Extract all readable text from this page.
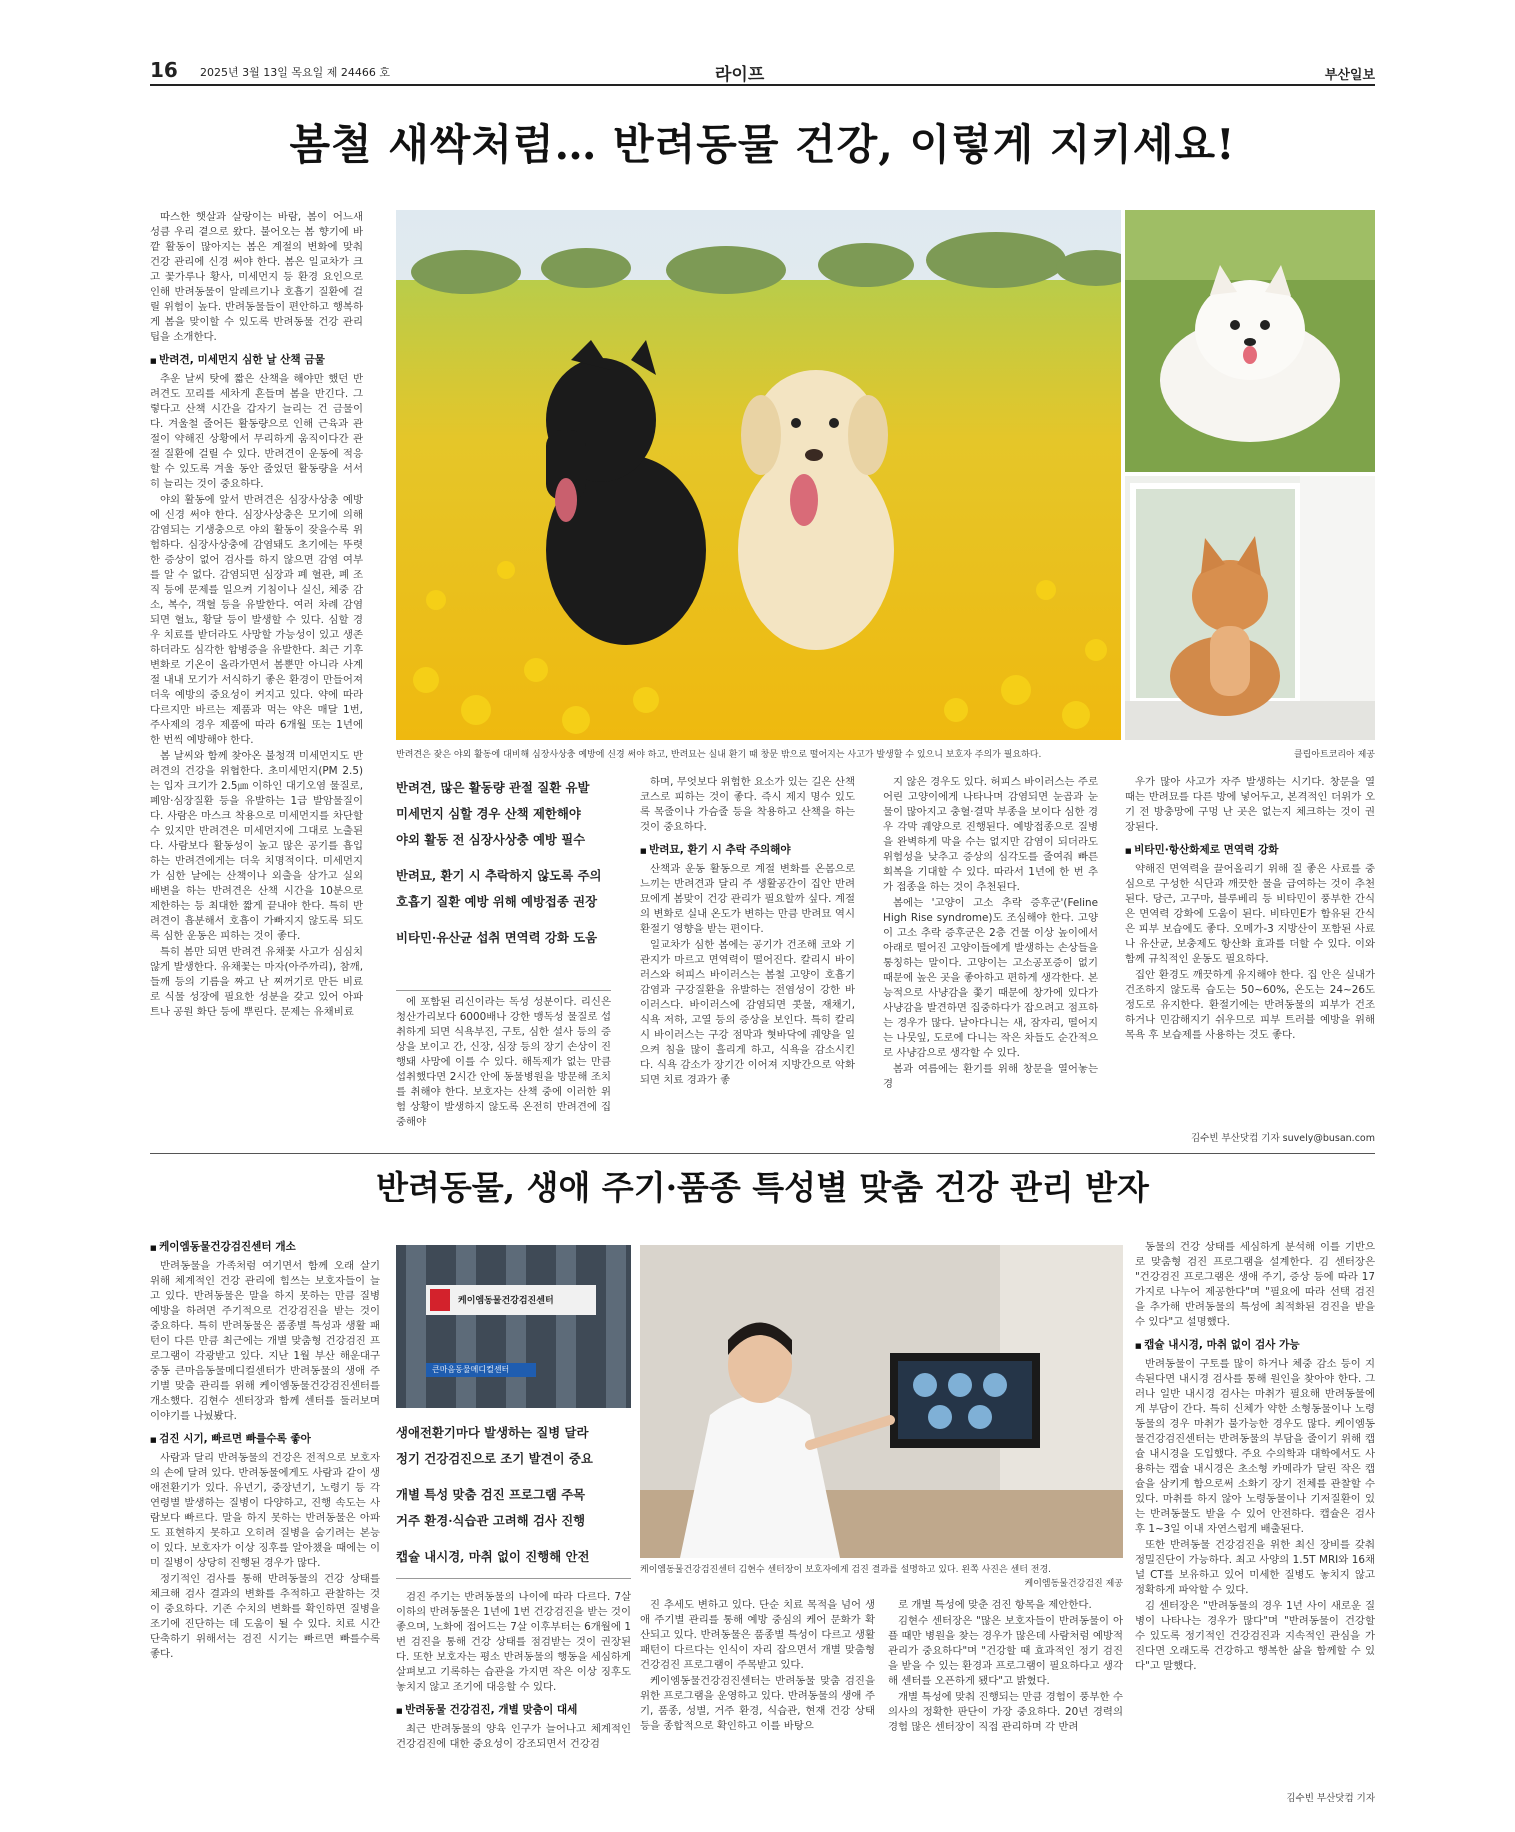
16 2025년 3월 13일 목요일 제 24466 호	라이프	부산일보
봄철 새싹처럼… 반려동물 건강, 이렇게 지키세요!

따스한 햇살과 살랑이는 바람, 봄이 어느새 성큼 우리 곁으로 왔다. 불어오는 봄 향기에 바깥 활동이 많아지는 봄은 계절의 변화에 맞춰 건강 관리에 신경 써야 한다. 봄은 일교차가 크고 꽃가루나 황사, 미세먼지 등 환경 요인으로 인해 반려동물이 알레르기나 호흡기 질환에 걸릴 위험이 높다. 반려동물들이 편안하고 행복하게 봄을 맞이할 수 있도록 반려동물 건강 관리 팁을 소개한다.

■ 반려견, 미세먼지 심한 날 산책 금물

추운 날씨 탓에 짧은 산책을 해야만 했던 반려견도 꼬리를 세차게 흔들며 봄을 반긴다. 그렇다고 산책 시간을 갑자기 늘리는 건 금물이다. 겨울철 줄어든 활동량으로 인해 근육과 관절이 약해진 상황에서 무리하게 움직이다간 관절 질환에 걸릴 수 있다. 반려견이 운동에 적응할 수 있도록 겨울 동안 줄었던 활동량을 서서히 늘리는 것이 중요하다.

야외 활동에 앞서 반려견은 심장사상충 예방에 신경 써야 한다. 심장사상충은 모기에 의해 감염되는 기생충으로 야외 활동이 잦을수록 위험하다. 심장사상충에 감염돼도 초기에는 뚜렷한 증상이 없어 검사를 하지 않으면 감염 여부를 알 수 없다. 감염되면 심장과 폐 혈관, 폐 조직 등에 문제를 일으켜 기침이나 실신, 체중 감소, 복수, 객혈 등을 유발한다. 여러 차례 감염되면 혈뇨, 황달 등이 발생할 수 있다. 심할 경우 치료를 받더라도 사망할 가능성이 있고 생존하더라도 심각한 합병증을 유발한다. 최근 기후변화로 기온이 올라가면서 봄뿐만 아니라 사계절 내내 모기가 서식하기 좋은 환경이 만들어져 더욱 예방의 중요성이 커지고 있다. 약에 따라 다르지만 바르는 제품과 먹는 약은 매달 1번, 주사제의 경우 제품에 따라 6개월 또는 1년에 한 번씩 예방해야 한다.

봄 날씨와 함께 찾아온 불청객 미세먼지도 반려견의 건강을 위협한다. 초미세먼지(PM 2.5)는 입자 크기가 2.5㎛ 이하인 대기오염 물질로, 폐암·심장질환 등을 유발하는 1급 발암물질이다. 사람은 마스크 착용으로 미세먼지를 차단할 수 있지만 반려견은 미세먼지에 그대로 노출된다. 사람보다 활동성이 높고 많은 공기를 흡입하는 반려견에게는 더욱 치명적이다. 미세먼지가 심한 날에는 산책이나 외출을 삼가고 실외 배변을 하는 반려견은 산책 시간을 10분으로 제한하는 등 최대한 짧게 끝내야 한다. 특히 반려견이 흡분해서 호흡이 가빠지지 않도록 되도록 심한 운동은 피하는 것이 좋다.

특히 봄만 되면 반려견 유채꽃 사고가 심심치 않게 발생한다. 유채꽃는 마자(아주까리), 참깨, 들깨 등의 기름을 짜고 난 찌꺼기로 만든 비료로 식물 성장에 필요한 성분을 갖고 있어 아파트나 공원 화단 등에 뿌린다. 문제는 유채비료

반려견은 잦은 야외 활동에 대비해 심장사상충 예방에 신경 써야 하고, 반려묘는 실내 환기 때 창문 밖으로 떨어지는 사고가 발생할 수 있으니 보호자 주의가 필요하다.	클립아트코리아 제공
반려견, 많은 활동량 관절 질환 유발
미세먼지 심할 경우 산책 제한해야
야외 활동 전 심장사상충 예방 필수
반려묘, 환기 시 추락하지 않도록 주의
호흡기 질환 예방 위해 예방접종 권장
비타민·유산균 섭취 면역력 강화 도움

에 포함된 리신이라는 독성 성분이다. 리신은 청산가리보다 6000배나 강한 맹독성 물질로 섭취하게 되면 식욕부진, 구토, 심한 설사 등의 증상을 보이고 간, 신장, 심장 등의 장기 손상이 진행돼 사망에 이를 수 있다. 해독제가 없는 만큼 섭취했다면 2시간 안에 동물병원을 방문해 조치를 취해야 한다. 보호자는 산책 중에 이러한 위험 상황이 발생하지 않도록 온전히 반려견에 집중해야

하며, 무엇보다 위험한 요소가 있는 길은 산책 코스로 피하는 것이 좋다. 즉시 제지 명수 있도록 목줄이나 가슴줄 등을 착용하고 산책을 하는 것이 중요하다.

■ 반려묘, 환기 시 추락 주의해야

산책과 운동 활동으로 계절 변화를 온몸으로 느끼는 반려견과 달리 주 생활공간이 집안 반려묘에게 봄맞이 건강 관리가 필요할까 싶다. 계절의 변화로 실내 온도가 변하는 만큼 반려묘 역시 환절기 영향을 받는 편이다.

일교차가 심한 봄에는 공기가 건조해 코와 기관지가 마르고 면역력이 떨어진다. 칼리시 바이러스와 허피스 바이러스는 봄철 고양이 호흡기 감염과 구강질환을 유발하는 전염성이 강한 바이러스다. 바이러스에 감염되면 콧물, 재채기, 식욕 저하, 고열 등의 증상을 보인다. 특히 칼리시 바이러스는 구강 점막과 혓바닥에 궤양을 일으켜 침을 많이 흘리게 하고, 식욕을 감소시킨다. 식욕 감소가 장기간 이어져 지방간으로 악화되면 치료 경과가 좋

지 않은 경우도 있다. 허피스 바이러스는 주로 어린 고양이에게 나타나며 감염되면 눈곱과 눈물이 많아지고 충혈·결막 부종을 보이다 심한 경우 각막 궤양으로 진행된다. 예방접종으로 질병을 완벽하게 막을 수는 없지만 감염이 되더라도 위험성을 낮추고 증상의 심각도를 줄여줘 빠른 회복을 기대할 수 있다. 따라서 1년에 한 번 추가 접종을 하는 것이 추천된다.

봄에는 '고양이 고소 추락 증후군'(Feline High Rise syndrome)도 조심해야 한다. 고양이 고소 추락 증후군은 2층 건물 이상 높이에서 아래로 떨어진 고양이들에게 발생하는 손상들을 통칭하는 말이다. 고양이는 고소공포증이 없기 때문에 높은 곳을 좋아하고 편하게 생각한다. 본능적으로 사냥감을 쫓기 때문에 창가에 있다가 사냥감을 발견하면 집중하다가 잡으려고 점프하는 경우가 많다. 날아다니는 새, 잠자리, 떨어지는 나뭇잎, 도로에 다니는 작은 차들도 순간적으로 사냥감으로 생각할 수 있다.

봄과 여름에는 환기를 위해 창문을 열어놓는 경

우가 많아 사고가 자주 발생하는 시기다. 창문을 열 때는 반려묘를 다른 방에 넣어두고, 본격적인 더위가 오기 전 방충망에 구멍 난 곳은 없는지 체크하는 것이 권장된다.

■ 비타민·항산화제로 면역력 강화

약해진 면역력을 끌어올리기 위해 질 좋은 사료를 중심으로 구성한 식단과 깨끗한 물을 급여하는 것이 추천된다. 당근, 고구마, 블루베리 등 비타민이 풍부한 간식은 면역력 강화에 도움이 된다. 비타민E가 함유된 간식은 피부 보습에도 좋다. 오메가-3 지방산이 포함된 사료나 유산균, 보충제도 항산화 효과를 더할 수 있다. 이와 함께 규칙적인 운동도 필요하다.

집안 환경도 깨끗하게 유지해야 한다. 집 안은 실내가 건조하지 않도록 습도는 50~60%, 온도는 24~26도 정도로 유지한다. 환절기에는 반려동물의 피부가 건조하거나 민감해지기 쉬우므로 피부 트러블 예방을 위해 목욕 후 보습제를 사용하는 것도 좋다.

김수빈 부산닷컴 기자 suvely@busan.com
반려동물, 생애 주기·품종 특성별 맞춤 건강 관리 받자
■ 케이엠동물건강검진센터 개소

반려동물을 가족처럼 여기면서 함께 오래 살기 위해 체계적인 건강 관리에 힘쓰는 보호자들이 늘고 있다. 반려동물은 말을 하지 못하는 만큼 질병 예방을 하려면 주기적으로 건강검진을 받는 것이 중요하다. 특히 반려동물은 품종별 특성과 생활 패턴이 다른 만큼 최근에는 개별 맞춤형 건강검진 프로그램이 각광받고 있다. 지난 1월 부산 해운대구 중동 큰마음동물메디컬센터가 반려동물의 생애 주기별 맞춤 관리를 위해 케이엠동물건강검진센터를 개소했다. 김현수 센터장과 함께 센터를 둘러보며 이야기를 나눴봤다.

■ 검진 시기, 빠르면 빠를수록 좋아

사람과 달리 반려동물의 건강은 전적으로 보호자의 손에 달려 있다. 반려동물에게도 사람과 같이 생애전환기가 있다. 유년기, 중장년기, 노령기 등 각 연령별 발생하는 질병이 다양하고, 진행 속도는 사람보다 빠르다. 말을 하지 못하는 반려동물은 아파도 표현하지 못하고 오히려 질병을 숨기려는 본능이 있다. 보호자가 이상 징후를 알아챘을 때에는 이미 질병이 상당히 진행된 경우가 많다.

정기적인 검사를 통해 반려동물의 건강 상태를 체크해 검사 결과의 변화를 추적하고 관찰하는 것이 중요하다. 기존 수치의 변화를 확인하면 질병을 조기에 진단하는 데 도움이 될 수 있다. 치료 시간 단축하기 위해서는 검진 시기는 빠르면 빠를수록 좋다.

케이엠동물건강검진센터
큰마음동물메디컬센터
생애전환기마다 발생하는 질병 달라
정기 건강검진으로 조기 발견이 중요
개별 특성 맞춤 검진 프로그램 주목
거주 환경·식습관 고려해 검사 진행
캡슐 내시경, 마취 없이 진행해 안전
케이엠동물건강검진센터 김현수 센터장이 보호자에게 검진 결과를 설명하고 있다. 왼쪽 사진은 센터 전경.
케이엠동물건강검진 제공

검진 주기는 반려동물의 나이에 따라 다르다. 7살 이하의 반려동물은 1년에 1번 건강검진을 받는 것이 좋으며, 노화에 접어드는 7살 이후부터는 6개월에 1번 검진을 통해 건강 상태를 점검받는 것이 권장된다. 또한 보호자는 평소 반려동물의 행동을 세심하게 살펴보고 기록하는 습관을 가지면 작은 이상 징후도 놓치지 않고 조기에 대응할 수 있다.

■ 반려동물 건강검진, 개별 맞춤이 대세

최근 반려동물의 양육 인구가 늘어나고 체계적인 건강검진에 대한 중요성이 강조되면서 건강검

진 추세도 변하고 있다. 단순 치료 목적을 넘어 생애 주기별 관리를 통해 예방 중심의 케어 문화가 확산되고 있다. 반려동물은 품종별 특성이 다르고 생활 패턴이 다르다는 인식이 자리 잡으면서 개별 맞춤형 건강검진 프로그램이 주목받고 있다.

케이엠동물건강검진센터는 반려동물 맞춤 검진을 위한 프로그램을 운영하고 있다. 반려동물의 생애 주기, 품종, 성별, 거주 환경, 식습관, 현재 건강 상태 등을 종합적으로 확인하고 이를 바탕으

로 개별 특성에 맞춘 검진 항목을 제안한다.

김현수 센터장은 "많은 보호자들이 반려동물이 아플 때만 병원을 찾는 경우가 많은데 사람처럼 예방적 관리가 중요하다"며 "건강할 때 효과적인 정기 검진을 받을 수 있는 환경과 프로그램이 필요하다고 생각해 센터를 오픈하게 됐다"고 밝혔다.

개별 특성에 맞춰 진행되는 만큼 경험이 풍부한 수의사의 정확한 판단이 가장 중요하다. 20년 경력의 경험 많은 센터장이 직접 관리하며 각 반려

동물의 건강 상태를 세심하게 분석해 이를 기반으로 맞춤형 검진 프로그램을 설계한다. 김 센터장은 "건강검진 프로그램은 생애 주기, 증상 등에 따라 17가지로 나누어 제공한다"며 "필요에 따라 선택 검진을 추가해 반려동물의 특성에 최적화된 검진을 받을 수 있다"고 설명했다.

■ 캡슐 내시경, 마취 없이 검사 가능

반려동물이 구토를 많이 하거나 체중 감소 등이 지속된다면 내시경 검사를 통해 원인을 찾아야 한다. 그러나 일반 내시경 검사는 마취가 필요해 반려동물에게 부담이 간다. 특히 신체가 약한 소형동물이나 노령동물의 경우 마취가 불가능한 경우도 많다. 케이엠동물건강검진센터는 반려동물의 부담을 줄이기 위해 캡슐 내시경을 도입했다. 주요 수의학과 대학에서도 사용하는 캡슐 내시경은 초소형 카메라가 달린 작은 캡슐을 삼키게 함으로써 소화기 장기 전체를 관찰할 수 있다. 마취를 하지 않아 노령동물이나 기저질환이 있는 반려동물도 받을 수 있어 안전하다. 캡슐은 검사 후 1~3일 이내 자연스럽게 배출된다.

또한 반려동물 건강검진을 위한 최신 장비를 갖춰 정밀진단이 가능하다. 최고 사양의 1.5T MRI와 16채널 CT를 보유하고 있어 미세한 질병도 놓치지 않고 정확하게 파악할 수 있다.

김 센터장은 "반려동물의 경우 1년 사이 새로운 질병이 나타나는 경우가 많다"며 "반려동물이 건강할 수 있도록 정기적인 건강검진과 지속적인 관심을 가진다면 오래도록 건강하고 행복한 삶을 함께할 수 있다"고 말했다.

김수빈 부산닷컴 기자
